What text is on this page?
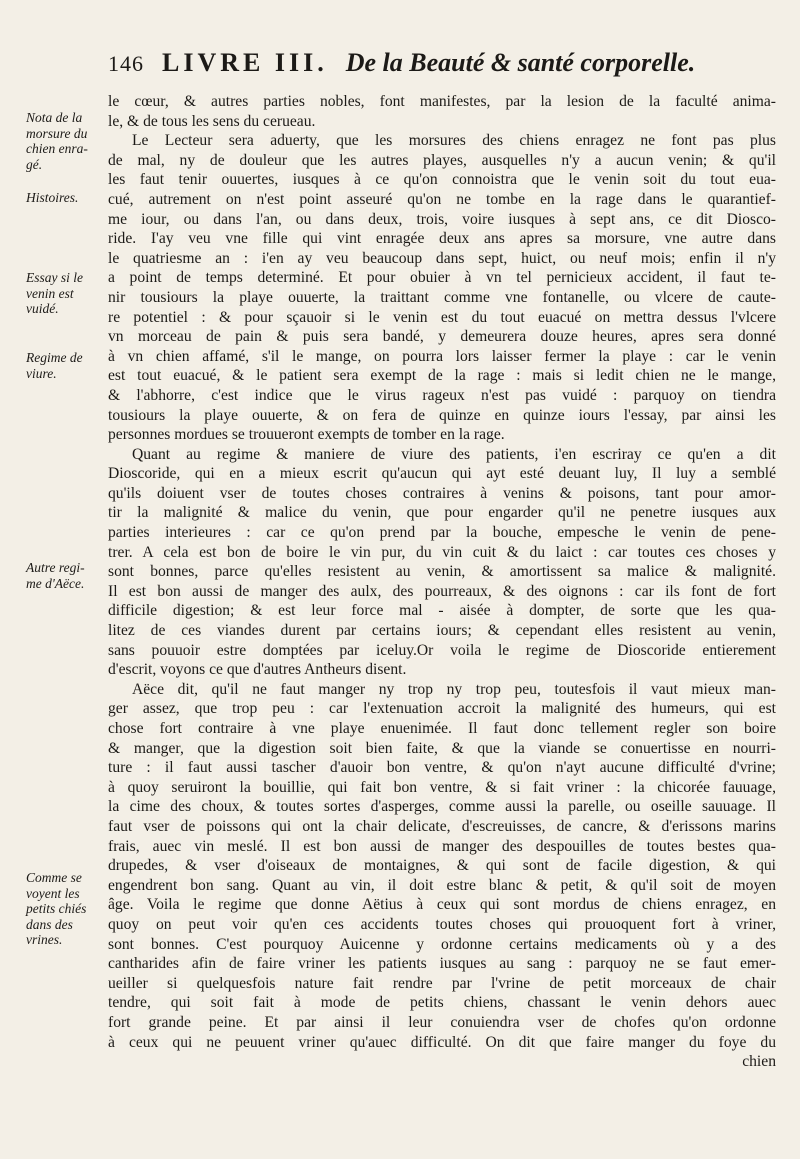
146 LIVRE III. De la Beauté & santé corporelle.
Nota de la
morsure du
chien enra-
gé.
Histoires.
Essay si le
venin est
vuidé.
Regime de
viure.
Autre regi-
me d'Aëce.
Comme se
voyent les
petits chiés
dans des
vrines.
le cœur, & autres parties nobles, font manifestes, par la lesion de la faculté anima-
le, & de tous les sens du cerueau.
Le Lecteur sera aduerty, que les morsures des chiens enragez ne font pas plus
de mal, ny de douleur que les autres playes, ausquelles n'y a aucun venin; & qu'il
les faut tenir ouuertes, iusques à ce qu'on connoistra que le venin soit du tout eua-
cué, autrement on n'est point asseuré qu'on ne tombe en la rage dans le quarantief-
me iour, ou dans l'an, ou dans deux, trois, voire iusques à sept ans, ce dit Diosco-
ride. I'ay veu vne fille qui vint enragée deux ans apres sa morsure, vne autre dans
le quatriesme an : i'en ay veu beaucoup dans sept, huict, ou neuf mois; enfin il n'y
a point de temps determiné. Et pour obuier à vn tel pernicieux accident, il faut te-
nir tousiours la playe ouuerte, la traittant comme vne fontanelle, ou vlcere de caute-
re potentiel : & pour sçauoir si le venin est du tout euacué on mettra dessus l'vlcere
vn morceau de pain & puis sera bandé, y demeurera douze heures, apres sera donné
à vn chien affamé, s'il le mange, on pourra lors laisser fermer la playe : car le venin
est tout euacué, & le patient sera exempt de la rage : mais si ledit chien ne le mange,
& l'abhorre, c'est indice que le virus rageux n'est pas vuidé : parquoy on tiendra
tousiours la playe ouuerte, & on fera de quinze en quinze iours l'essay, par ainsi les
personnes mordues se trouueront exempts de tomber en la rage.
Quant au regime & maniere de viure des patients, i'en escriray ce qu'en a dit
Dioscoride, qui en a mieux escrit qu'aucun qui ayt esté deuant luy, Il luy a semblé
qu'ils doiuent vser de toutes choses contraires à venins & poisons, tant pour amor-
tir la malignité & malice du venin, que pour engarder qu'il ne penetre iusques aux
parties interieures : car ce qu'on prend par la bouche, empesche le venin de pene-
trer. A cela est bon de boire le vin pur, du vin cuit & du laict : car toutes ces choses y
sont bonnes, parce qu'elles resistent au venin, & amortissent sa malice & malignité.
Il est bon aussi de manger des aulx, des pourreaux, & des oignons : car ils font de fort
difficile digestion; & est leur force mal - aisée à dompter, de sorte que les qua-
litez de ces viandes durent par certains iours; & cependant elles resistent au venin,
sans pouuoir estre domptées par iceluy.Or voila le regime de Dioscoride entierement
d'escrit, voyons ce que d'autres Antheurs disent.
Aëce dit, qu'il ne faut manger ny trop ny trop peu, toutesfois il vaut mieux man-
ger assez, que trop peu : car l'extenuation accroit la malignité des humeurs, qui est
chose fort contraire à vne playe enuenimée. Il faut donc tellement regler son boire
& manger, que la digestion soit bien faite, & que la viande se conuertisse en nourri-
ture : il faut aussi tascher d'auoir bon ventre, & qu'on n'ayt aucune difficulté d'vrine;
à quoy seruiront la bouillie, qui fait bon ventre, & si fait vriner : la chicorée fauuage,
la cime des choux, & toutes sortes d'asperges, comme aussi la parelle, ou oseille sauuage. Il
faut vser de poissons qui ont la chair delicate, d'escreuisses, de cancre, & d'erissons marins
frais, auec vin meslé. Il est bon aussi de manger des despouilles de toutes bestes qua-
drupedes, & vser d'oiseaux de montaignes, & qui sont de facile digestion, & qui
engendrent bon sang. Quant au vin, il doit estre blanc & petit, & qu'il soit de moyen
âge. Voila le regime que donne Aëtius à ceux qui sont mordus de chiens enragez, en
quoy on peut voir qu'en ces accidents toutes choses qui prouoquent fort à vriner,
sont bonnes. C'est pourquoy Auicenne y ordonne certains medicaments où y a des
cantharides afin de faire vriner les patients iusques au sang : parquoy ne se faut emer-
ueiller si quelquesfois nature fait rendre par l'vrine de petit morceaux de chair
tendre, qui soit fait à mode de petits chiens, chassant le venin dehors auec
fort grande peine. Et par ainsi il leur conuiendra vser de chofes qu'on ordonne
à ceux qui ne peuuent vriner qu'auec difficulté. On dit que faire manger du foye du
chien
